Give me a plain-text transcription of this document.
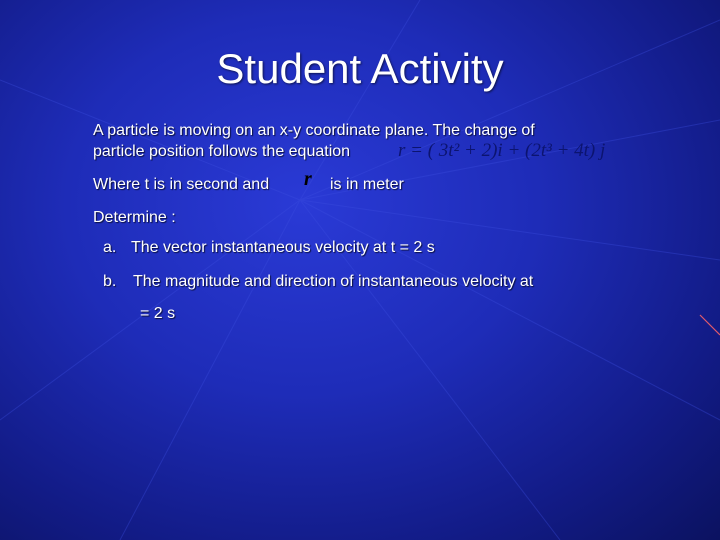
Student Activity
A particle is moving on an x-y coordinate plane. The change of
particle position follows the equation	r = ( 3t² + 2)i + (2t³ + 4t) j
Where t is in second and r is in meter
Determine :
a. The vector instantaneous velocity at t = 2 s
b. The magnitude and direction of instantaneous velocity at
= 2 s
